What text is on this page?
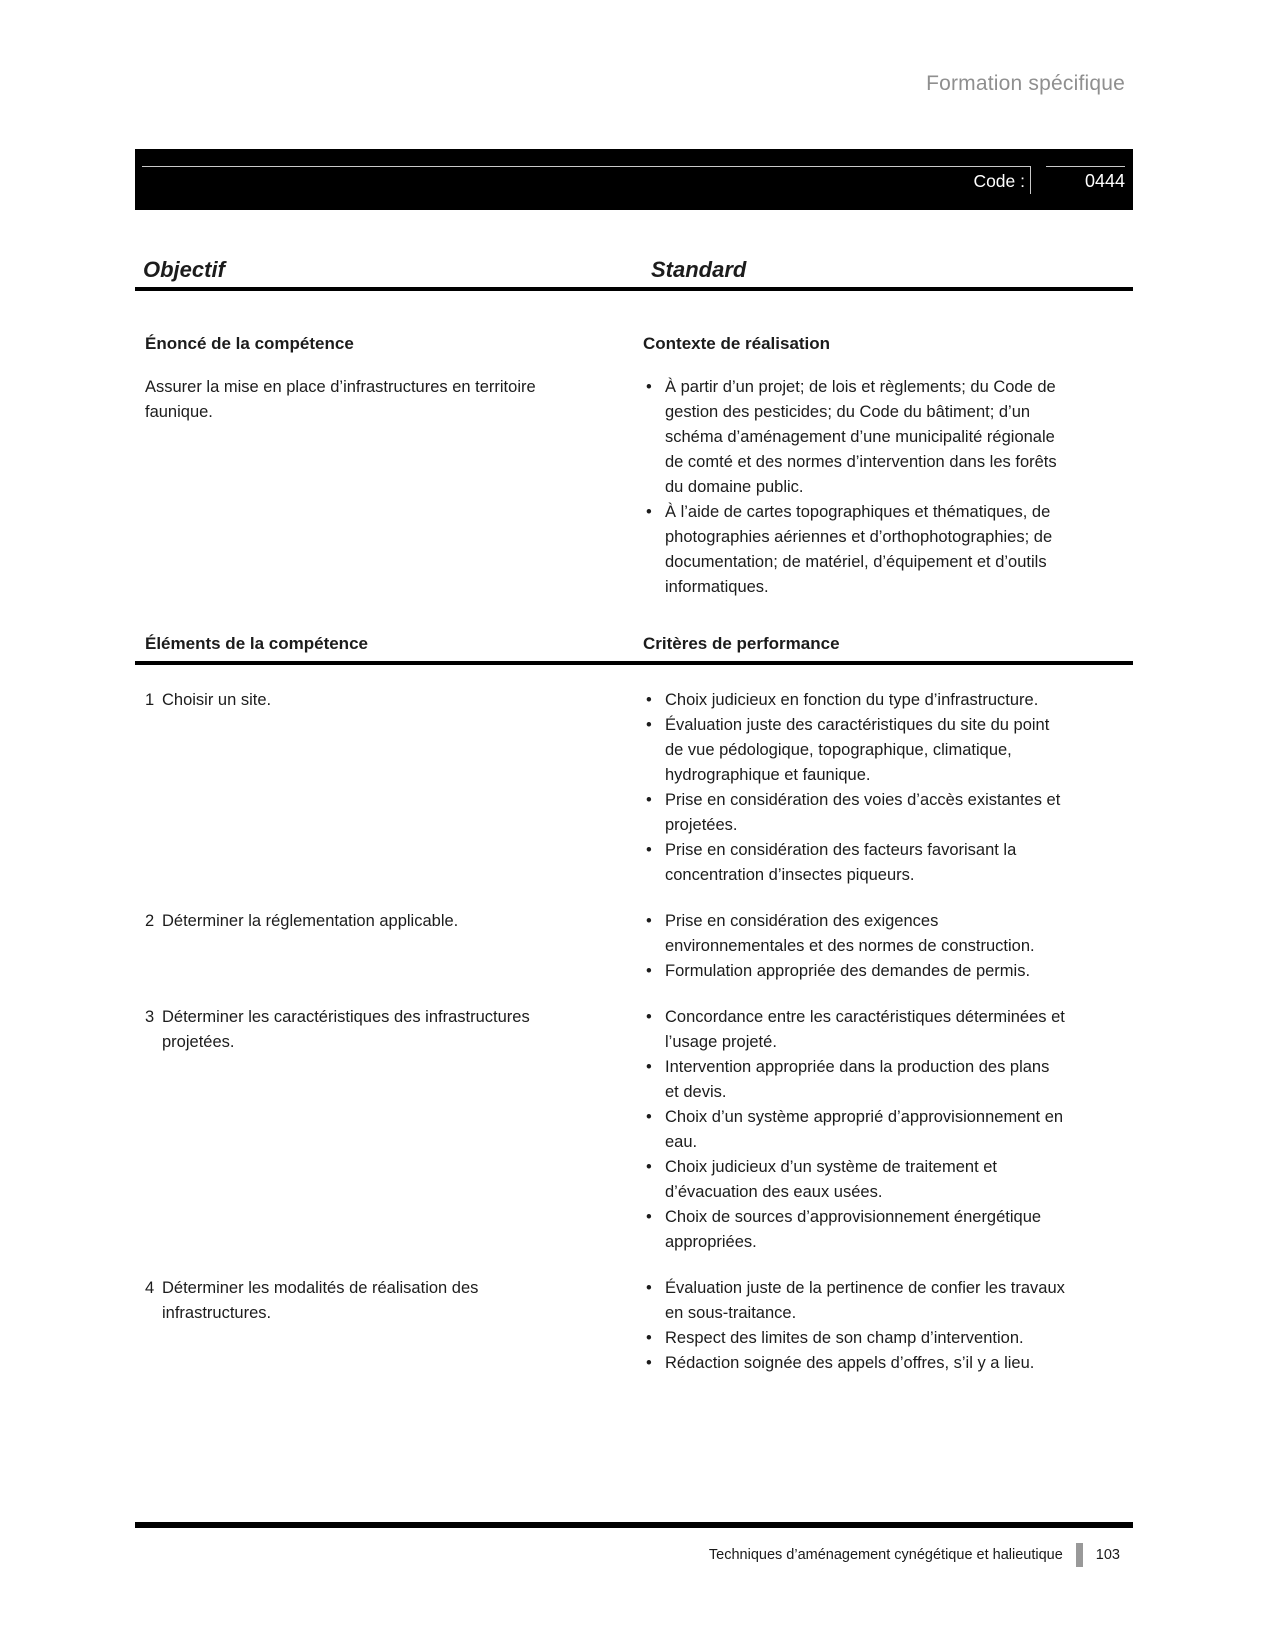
Formation spécifique
Code :	0444
Objectif	Standard
Énoncé de la compétence	Contexte de réalisation
Assurer la mise en place d’infrastructures en territoire faunique.
• À partir d’un projet; de lois et règlements; du Code de gestion des pesticides; du Code du bâtiment; d’un schéma d’aménagement d’une municipalité régionale de comté et des normes d’intervention dans les forêts du domaine public.
• À l’aide de cartes topographiques et thématiques, de photographies aériennes et d’orthophotographies; de documentation; de matériel, d’équipement et d’outils informatiques.
Éléments de la compétence	Critères de performance
1 Choisir un site.	• Choix judicieux en fonction du type d’infrastructure.
• Évaluation juste des caractéristiques du site du point de vue pédologique, topographique, climatique, hydrographique et faunique.
• Prise en considération des voies d’accès existantes et projetées.
• Prise en considération des facteurs favorisant la concentration d’insectes piqueurs.
2 Déterminer la réglementation applicable.	• Prise en considération des exigences environnementales et des normes de construction.
• Formulation appropriée des demandes de permis.
3 Déterminer les caractéristiques des infrastructures projetées.
• Concordance entre les caractéristiques déterminées et l’usage projeté.
• Intervention appropriée dans la production des plans et devis.
• Choix d’un système approprié d’approvisionnement en eau.
• Choix judicieux d’un système de traitement et d’évacuation des eaux usées.
• Choix de sources d’approvisionnement énergétique appropriées.
4 Déterminer les modalités de réalisation des infrastructures.
• Évaluation juste de la pertinence de confier les travaux en sous-traitance.
• Respect des limites de son champ d’intervention.
• Rédaction soignée des appels d’offres, s’il y a lieu.
Techniques d’aménagement cynégétique et halieutique 103
